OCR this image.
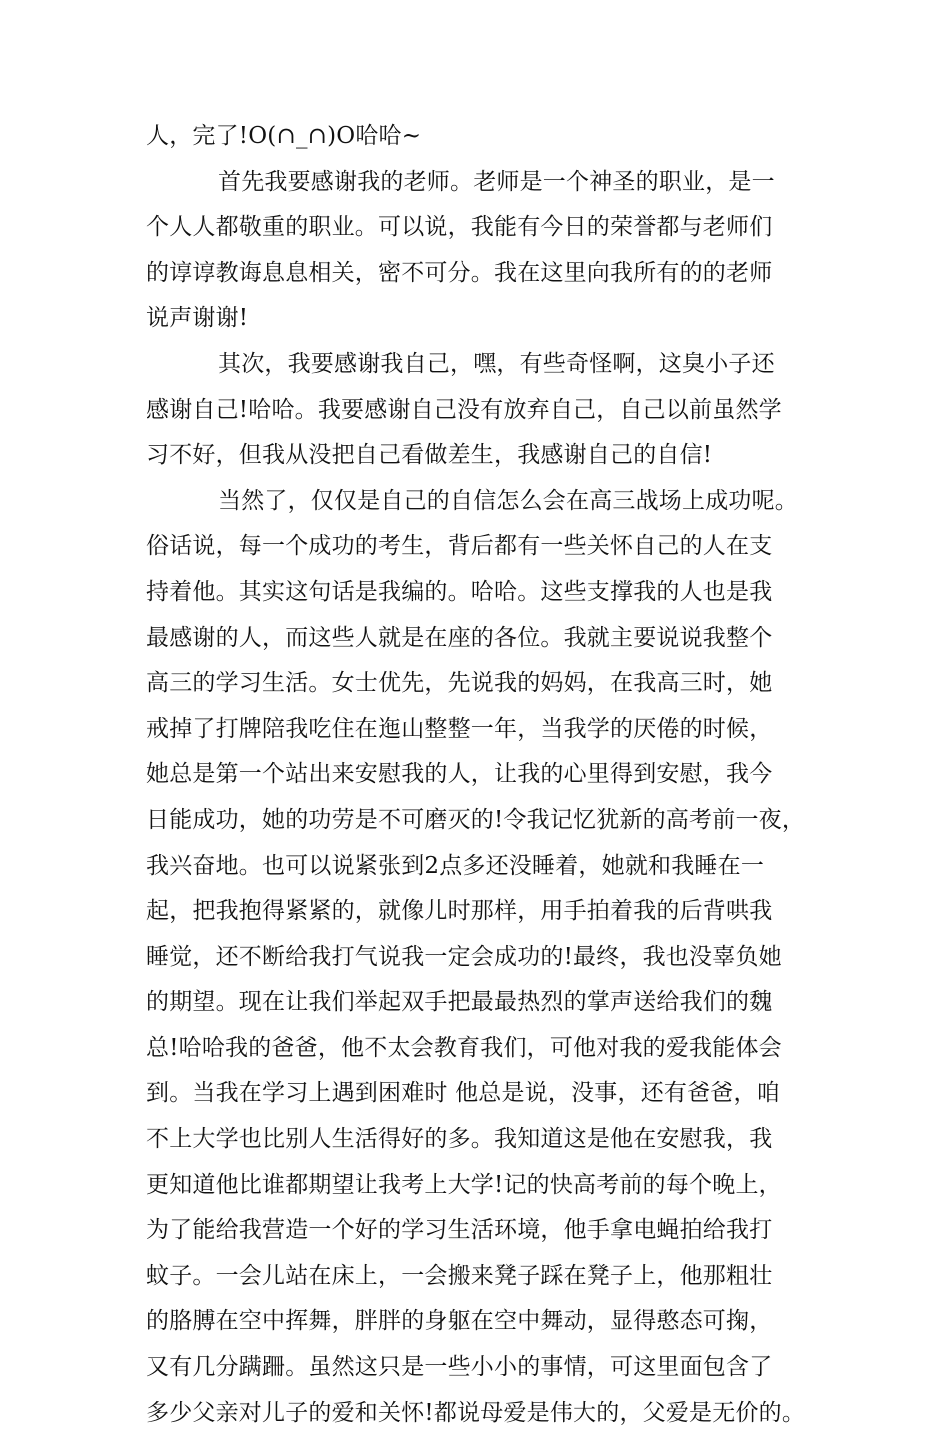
人，完了!O(∩_∩)O哈哈~
首先我要感谢我的老师。老师是一个神圣的职业，是一
个人人都敬重的职业。可以说，我能有今日的荣誉都与老师们
的谆谆教诲息息相关，密不可分。我在这里向我所有的的老师
说声谢谢!
其次，我要感谢我自己，嘿，有些奇怪啊，这臭小子还
感谢自己!哈哈。我要感谢自己没有放弃自己，自己以前虽然学
习不好，但我从没把自己看做差生，我感谢自己的自信!
当然了，仅仅是自己的自信怎么会在高三战场上成功呢。
俗话说，每一个成功的考生，背后都有一些关怀自己的人在支
持着他。其实这句话是我编的。哈哈。这些支撑我的人也是我
最感谢的人，而这些人就是在座的各位。我就主要说说我整个
高三的学习生活。女士优先，先说我的妈妈，在我高三时，她
戒掉了打牌陪我吃住在迤山整整一年，当我学的厌倦的时候，
她总是第一个站出来安慰我的人，让我的心里得到安慰，我今
日能成功，她的功劳是不可磨灭的!令我记忆犹新的高考前一夜，
我兴奋地。也可以说紧张到2点多还没睡着，她就和我睡在一
起，把我抱得紧紧的，就像儿时那样，用手拍着我的后背哄我
睡觉，还不断给我打气说我一定会成功的!最终，我也没辜负她
的期望。现在让我们举起双手把最最热烈的掌声送给我们的魏
总!哈哈我的爸爸，他不太会教育我们，可他对我的爱我能体会
到。当我在学习上遇到困难时 他总是说，没事，还有爸爸，咱
不上大学也比别人生活得好的多。我知道这是他在安慰我，我
更知道他比谁都期望让我考上大学!记的快高考前的每个晚上，
为了能给我营造一个好的学习生活环境，他手拿电蝇拍给我打
蚊子。一会儿站在床上，一会搬来凳子踩在凳子上，他那粗壮
的胳膊在空中挥舞，胖胖的身躯在空中舞动，显得憨态可掬，
又有几分蹒跚。虽然这只是一些小小的事情，可这里面包含了
多少父亲对儿子的爱和关怀!都说母爱是伟大的，父爱是无价的。
